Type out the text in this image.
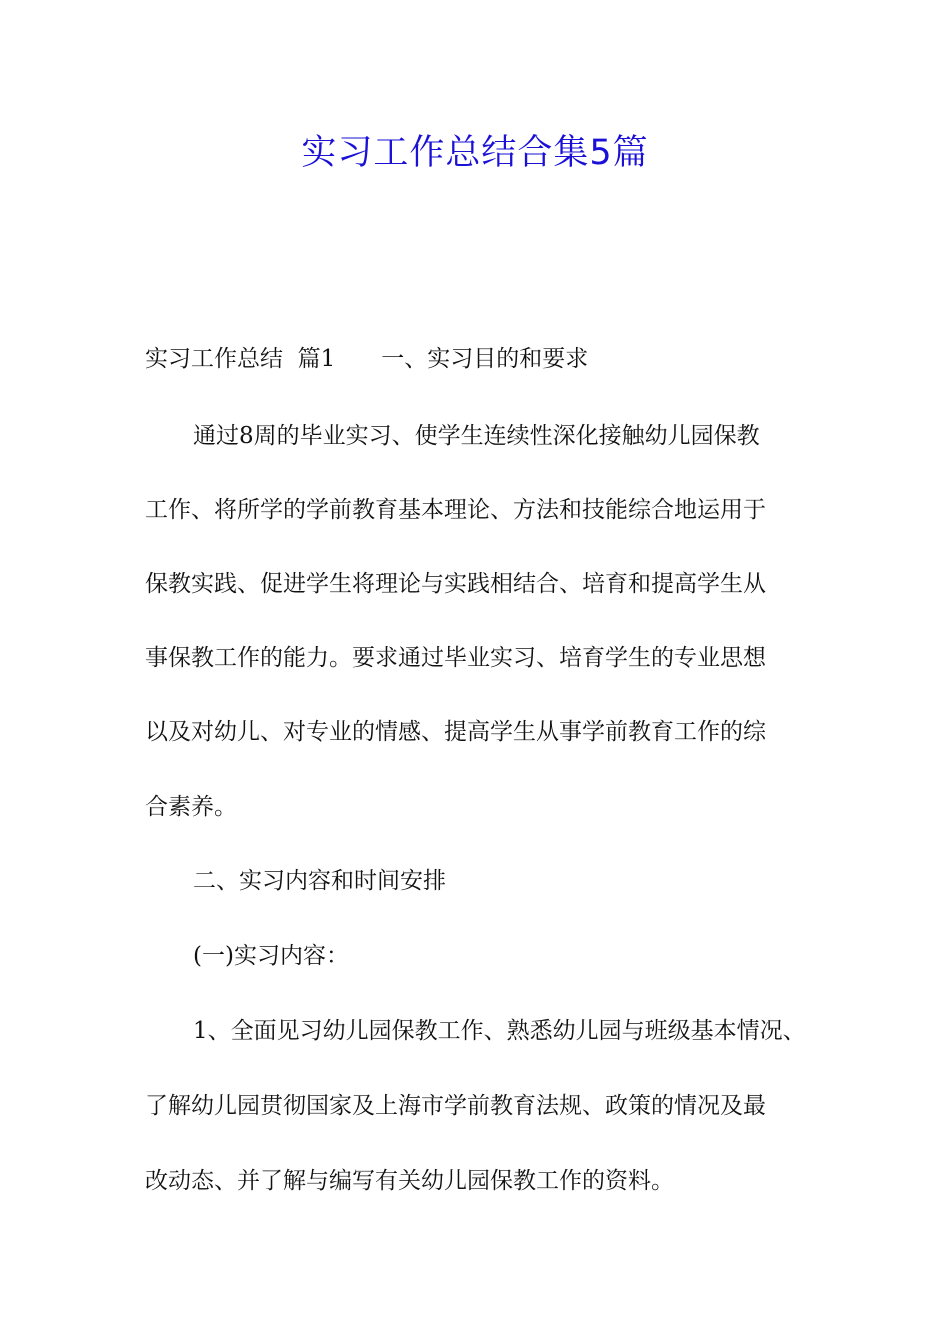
实习工作总结合集5篇
实习工作总结  篇1 一、实习目的和要求
通过8周的毕业实习、使学生连续性深化接触幼儿园保教
工作、将所学的学前教育基本理论、方法和技能综合地运用于
保教实践、促进学生将理论与实践相结合、培育和提高学生从
事保教工作的能力。要求通过毕业实习、培育学生的专业思想
以及对幼儿、对专业的情感、提高学生从事学前教育工作的综
合素养。
二、实习内容和时间安排
(一)实习内容：
1、全面见习幼儿园保教工作、熟悉幼儿园与班级基本情况、
了解幼儿园贯彻国家及上海市学前教育法规、政策的情况及最
改动态、并了解与编写有关幼儿园保教工作的资料。
